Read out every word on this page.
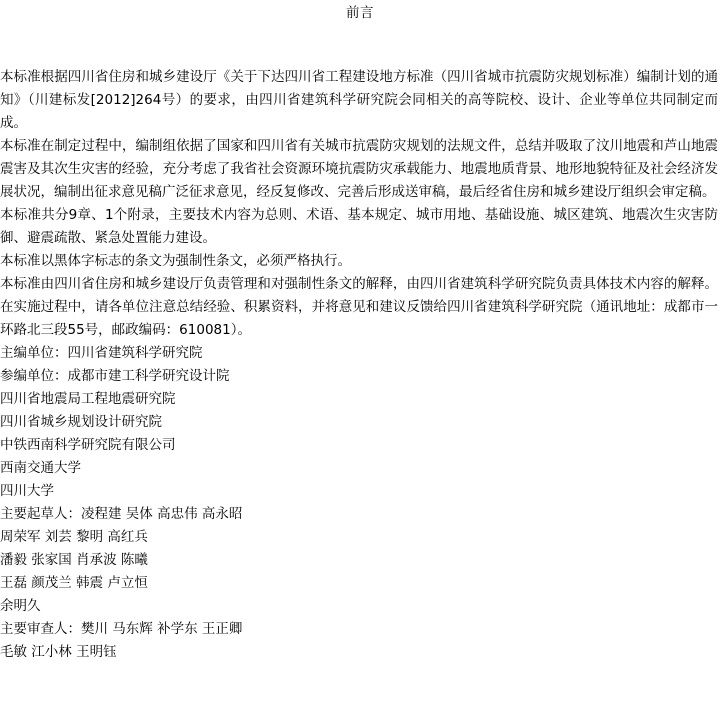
前言

本标准根据四川省住房和城乡建设厅《关于下达四川省工程建设地方标准（四川省城市抗震防灾规划标准）编制计划的通知》（川建标发[2012]264号）的要求，由四川省建筑科学研究院会同相关的高等院校、设计、企业等单位共同制定而成。

本标准在制定过程中，编制组依据了国家和四川省有关城市抗震防灾规划的法规文件，总结并吸取了汶川地震和芦山地震震害及其次生灾害的经验，充分考虑了我省社会资源环境抗震防灾承载能力、地震地质背景、地形地貌特征及社会经济发展状况，编制出征求意见稿广泛征求意见，经反复修改、完善后形成送审稿，最后经省住房和城乡建设厅组织会审定稿。

本标准共分9章、1个附录，主要技术内容为总则、术语、基本规定、城市用地、基础设施、城区建筑、地震次生灾害防御、避震疏散、紧急处置能力建设。

本标准以黑体字标志的条文为强制性条文，必须严格执行。

本标准由四川省住房和城乡建设厅负责管理和对强制性条文的解释，由四川省建筑科学研究院负责具体技术内容的解释。在实施过程中，请各单位注意总结经验、积累资料，并将意见和建议反馈给四川省建筑科学研究院（通讯地址：成都市一环路北三段55号，邮政编码：610081）。

主编单位：四川省建筑科学研究院
参编单位：成都市建工科学研究设计院
四川省地震局工程地震研究院
四川省城乡规划设计研究院
中铁西南科学研究院有限公司
西南交通大学
四川大学
主要起草人：凌程建 吴体 高忠伟 高永昭
周荣军 刘芸 黎明 高红兵
潘毅 张家国 肖承波 陈曦
王磊 颜茂兰 韩震 卢立恒
余明久
主要审查人：樊川 马东辉 补学东 王正卿
毛敏 江小林 王明钰
